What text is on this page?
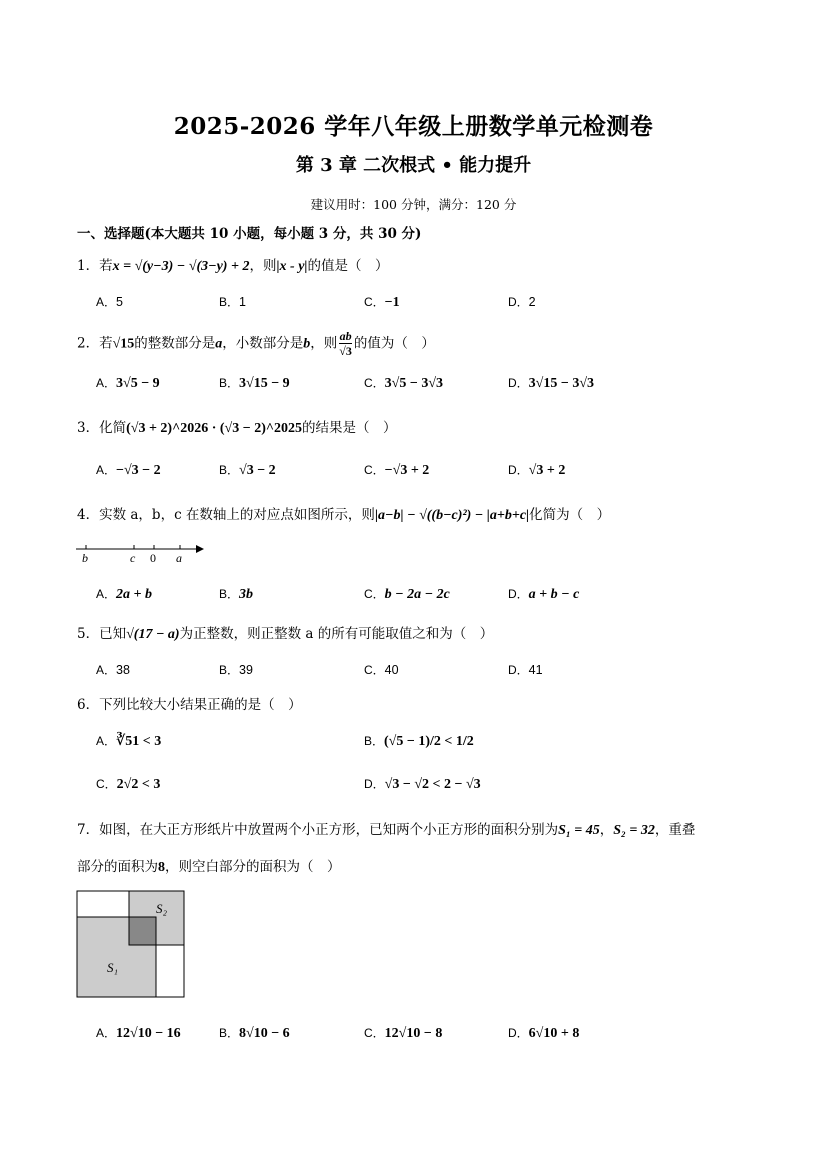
2025-2026 学年八年级上册数学单元检测卷
第 3 章 二次根式 • 能力提升
建议用时：100 分钟，满分：120 分
一、选择题(本大题共 10 小题，每小题 3 分，共 30 分)
1．若x = √(y−3) − √(3−y) + 2，则|x - y|的值是（　）
A．5	B．1	C．−1	D．2
2．若√15的整数部分是a，小数部分是b，则 $\frac{ab}{√3}$ 的值为（　）
A．3√5 − 9	B．3√15 − 9	C．3√5 − 3√3	D．3√15 − 3√3
3．化简(√3 + 2)^2026 · (√3 − 2)^2025的结果是（　）
A．−√3 − 2	B．√3 − 2	C．−√3 + 2	D．√3 + 2
4．实数 a，b，c 在数轴上的对应点如图所示，则|a−b| − √((b−c)²) − |a+b+c|化简为（　）
b	c 0 a
A．2a + b	B．3b	C．b − 2a − 2c	D．a + b − c
5．已知√(17 − a)为正整数，则正整数 a 的所有可能取值之和为（　）
A．38	B．39	C．40	D．41
6．下列比较大小结果正确的是（　）
A．∛51 < 3	B．(√5 − 1)/2 < 1/2
C．2√2 < 3	D．√3 − √2 < 2 − √3
7．如图，在大正方形纸片中放置两个小正方形，已知两个小正方形的面积分别为S₁ = 45，S₂ = 32，重叠
部分的面积为8，则空白部分的面积为（　）
S₂
S₁
A．12√10 − 16	B．8√10 − 6	C．12√10 − 8	D．6√10 + 8
